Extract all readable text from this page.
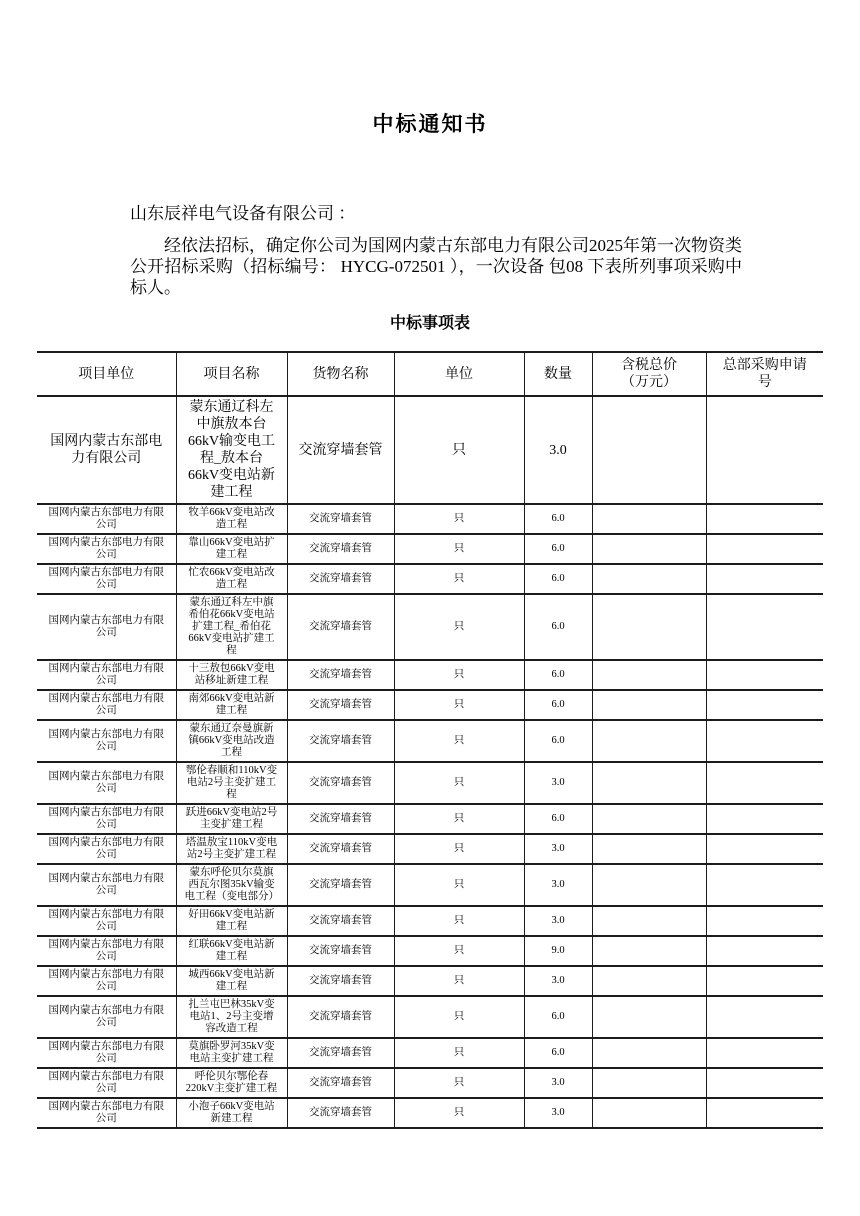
中标通知书
山东辰祥电气设备有限公司 ：

经依法招标，确定你公司为国网内蒙古东部电力有限公司2025年第一次物资类公开招标采购（招标编号： HYCG-072501 ），一次设备 包08 下表所列事项采购中标人。

中标事项表
项目单位	项目名称	货物名称	单位	数量	含税总价（万元）	总部采购申请号
国网内蒙古东部电力有限公司	蒙东通辽科左中旗敖本台66kV输变电工程_敖本台66kV变电站新建工程	交流穿墙套管	只	3.0		
国网内蒙古东部电力有限公司	牧羊66kV变电站改造工程	交流穿墙套管	只	6.0		
国网内蒙古东部电力有限公司	靠山66kV变电站扩建工程	交流穿墙套管	只	6.0		
国网内蒙古东部电力有限公司	忙农66kV变电站改造工程	交流穿墙套管	只	6.0		
国网内蒙古东部电力有限公司	蒙东通辽科左中旗希伯花66kV变电站扩建工程_希伯花66kV变电站扩建工程	交流穿墙套管	只	6.0		
国网内蒙古东部电力有限公司	十三敖包66kV变电站移址新建工程	交流穿墙套管	只	6.0		
国网内蒙古东部电力有限公司	南郊66kV变电站新建工程	交流穿墙套管	只	6.0		
国网内蒙古东部电力有限公司	蒙东通辽奈曼旗新镇66kV变电站改造工程	交流穿墙套管	只	6.0		
国网内蒙古东部电力有限公司	鄂伦春顺和110kV变电站2号主变扩建工程	交流穿墙套管	只	3.0		
国网内蒙古东部电力有限公司	跃进66kV变电站2号主变扩建工程	交流穿墙套管	只	6.0		
国网内蒙古东部电力有限公司	塔温敖宝110kV变电站2号主变扩建工程	交流穿墙套管	只	3.0		
国网内蒙古东部电力有限公司	蒙东呼伦贝尔莫旗西瓦尔图35kV输变电工程（变电部分）	交流穿墙套管	只	3.0		
国网内蒙古东部电力有限公司	好田66kV变电站新建工程	交流穿墙套管	只	3.0		
国网内蒙古东部电力有限公司	红联66kV变电站新建工程	交流穿墙套管	只	9.0		
国网内蒙古东部电力有限公司	城西66kV变电站新建工程	交流穿墙套管	只	3.0		
国网内蒙古东部电力有限公司	扎兰屯巴林35kV变电站1、2号主变增容改造工程	交流穿墙套管	只	6.0		
国网内蒙古东部电力有限公司	莫旗卧罗河35kV变电站主变扩建工程	交流穿墙套管	只	6.0		
国网内蒙古东部电力有限公司	呼伦贝尔鄂伦春220kV主变扩建工程	交流穿墙套管	只	3.0		
国网内蒙古东部电力有限公司	小泡子66kV变电站新建工程	交流穿墙套管	只	3.0		
